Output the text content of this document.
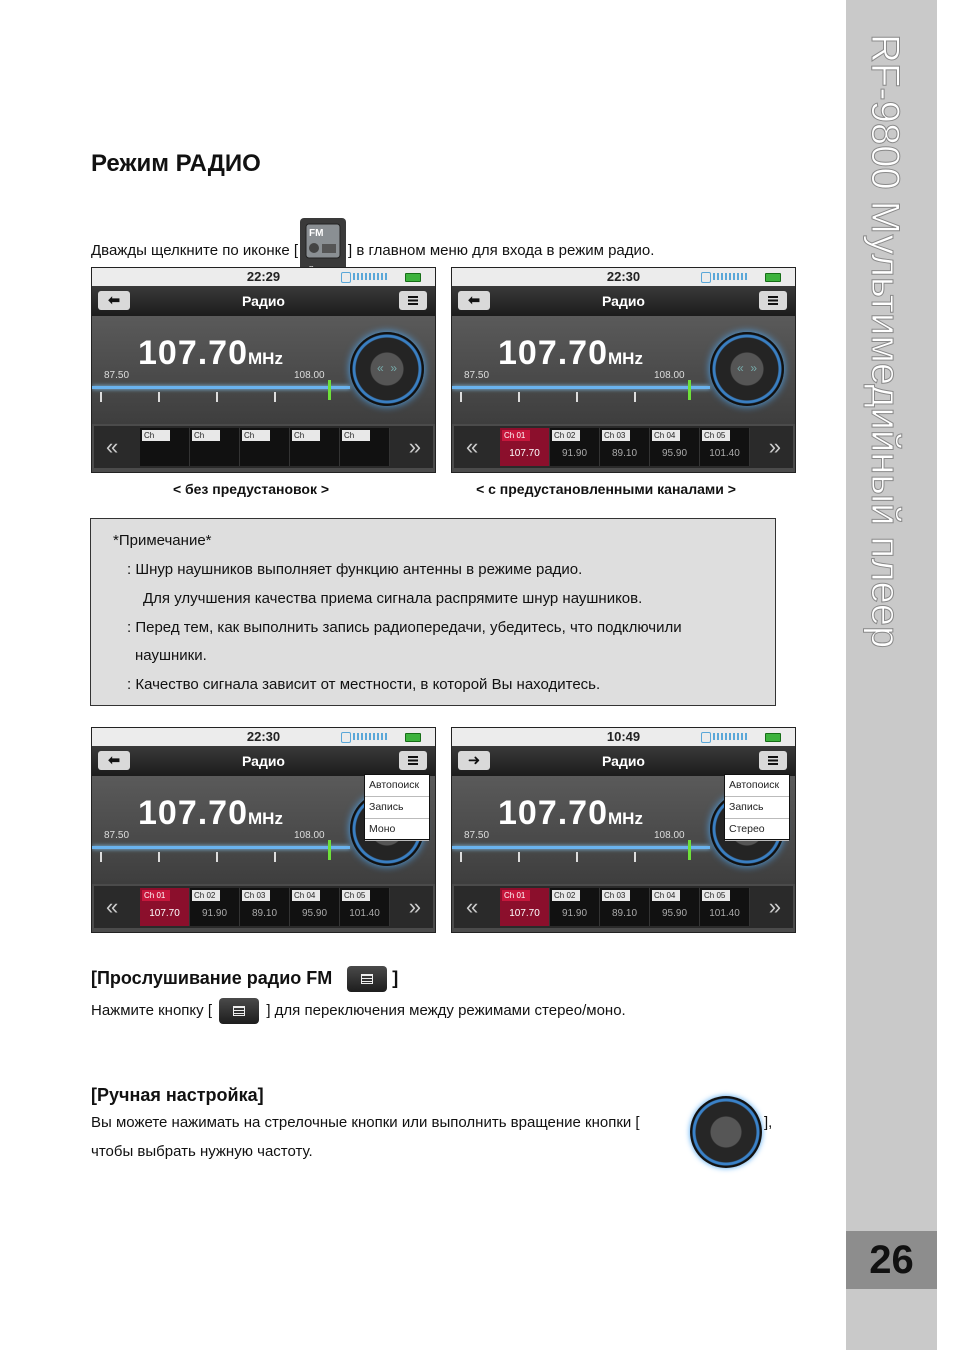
RF-9800 Мультимедийный плеер
26
Режим РАДИО
Дважды щелкните по иконке [
FM
] в главном меню для входа в режим радио.
22:29
Радио
⬅
107.70MHz
87.50	108.00
« »
«	»
Ch	Ch	Ch	Ch	Ch
22:30
Радио
⬅
107.70MHz
87.50	108.00
« »
«	»
Ch 01
107.70
Ch 02
91.90
Ch 03
89.10
Ch 04
95.90
Ch 05
101.40
< без предустановок >	< с предустановленными каналами >

*Примечание*

: Шнур наушников выполняет функцию антенны в режиме радио.

Для улучшения качества приема сигнала распрямите шнур наушников.

: Перед тем, как выполнить запись радиопередачи, убедитесь, что подключили

наушники.

: Качество сигнала зависит от местности, в которой Вы находитесь.

22:30
Радио
⬅
107.70MHz
87.50	108.00
« »
«	»
Ch 01
107.70
Ch 02
91.90
Ch 03
89.10
Ch 04
95.90
Ch 05
101.40
Автопоиск
Запись
Моно
10:49
Радио
➜
107.70MHz
87.50	108.00
« »
«	»
Ch 01
107.70
Ch 02
91.90
Ch 03
89.10
Ch 04
95.90
Ch 05
101.40
Автопоиск
Запись
Стерео
[Прослушивание радио FM	]
Нажмите кнопку [	] для переключения между режимами стерео/моно.
[Ручная настройка]
Вы можете нажимать на стрелочные кнопки или выполнить вращение кнопки [	],
чтобы выбрать нужную частоту.
